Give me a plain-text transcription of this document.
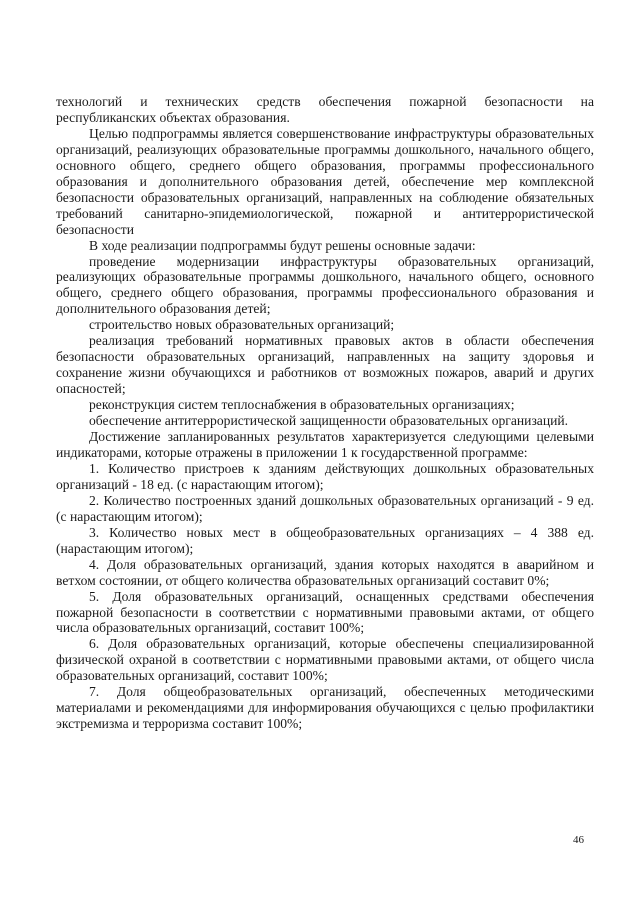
технологий и технических средств обеспечения пожарной безопасности на республиканских объектах образования.

Целью подпрограммы является совершенствование инфраструктуры образовательных организаций, реализующих образовательные программы дошкольного, начального общего, основного общего, среднего общего образования, программы профессионального образования и дополнительного образования детей, обеспечение мер комплексной безопасности образовательных организаций, направленных на соблюдение обязательных требований санитарно-эпидемиологической, пожарной и антитеррористической безопасности

В ходе реализации подпрограммы будут решены основные задачи:

проведение модернизации инфраструктуры образовательных организаций, реализующих образовательные программы дошкольного, начального общего, основного общего, среднего общего образования, программы профессионального образования и дополнительного образования детей;

строительство новых образовательных организаций;

реализация требований нормативных правовых актов в области обеспечения безопасности образовательных организаций, направленных на защиту здоровья и сохранение жизни обучающихся и работников от возможных пожаров, аварий и других опасностей;

реконструкция систем теплоснабжения в образовательных организациях;

обеспечение антитеррористической защищенности образовательных организаций.

Достижение запланированных результатов характеризуется следующими целевыми индикаторами, которые отражены в приложении 1 к государственной программе:

1. Количество пристроев к зданиям действующих дошкольных образовательных организаций - 18 ед. (с нарастающим итогом);

2. Количество построенных зданий дошкольных образовательных организаций - 9 ед. (с нарастающим итогом);

3. Количество новых мест в общеобразовательных организациях – 4 388 ед. (нарастающим итогом);

4. Доля образовательных организаций, здания которых находятся в аварийном и ветхом состоянии, от общего количества образовательных организаций составит 0%;

5. Доля образовательных организаций, оснащенных средствами обеспечения пожарной безопасности в соответствии с нормативными правовыми актами, от общего числа образовательных организаций, составит 100%;

6. Доля образовательных организаций, которые обеспечены специализированной физической охраной в соответствии с нормативными правовыми актами, от общего числа образовательных организаций, составит 100%;

7. Доля общеобразовательных организаций, обеспеченных методическими материалами и рекомендациями для информирования обучающихся с целью профилактики экстремизма и терроризма составит 100%;

46
